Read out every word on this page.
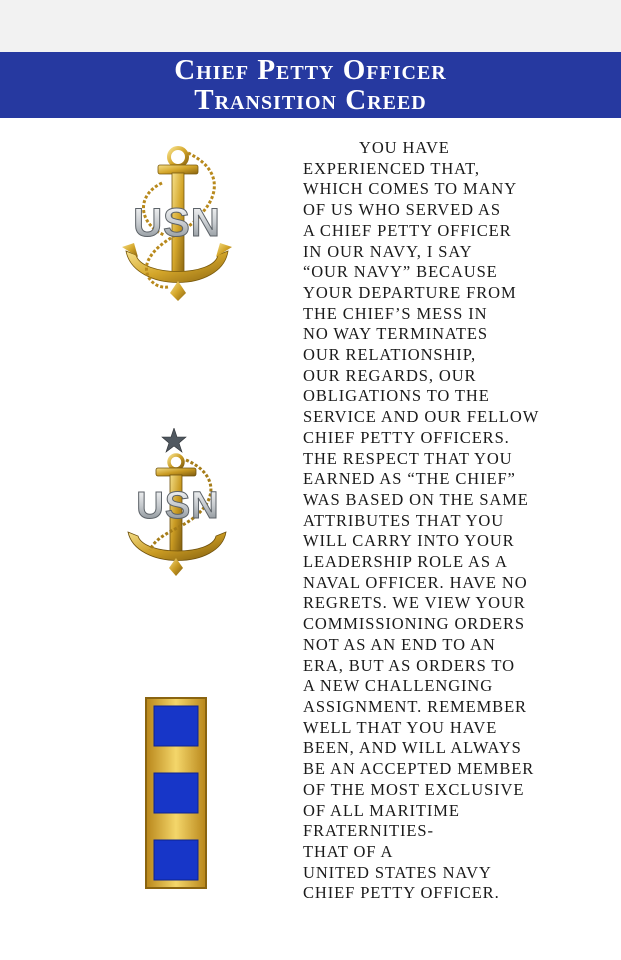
Chief Petty Officer
Transition Creed
USN
USN
YOU HAVE
EXPERIENCED THAT,
WHICH COMES TO MANY
OF US WHO SERVED AS
A CHIEF PETTY OFFICER
IN OUR NAVY, I SAY
“OUR NAVY” BECAUSE
YOUR DEPARTURE FROM
THE CHIEF’S MESS IN
NO WAY TERMINATES
OUR RELATIONSHIP,
OUR REGARDS, OUR
OBLIGATIONS TO THE
SERVICE AND OUR FELLOW
CHIEF PETTY OFFICERS.
THE RESPECT THAT YOU
EARNED AS “THE CHIEF”
WAS BASED ON THE SAME
ATTRIBUTES THAT YOU
WILL CARRY INTO YOUR
LEADERSHIP ROLE AS A
NAVAL OFFICER. HAVE NO
REGRETS. WE VIEW YOUR
COMMISSIONING ORDERS
NOT AS AN END TO AN
ERA, BUT AS ORDERS TO
A NEW CHALLENGING
ASSIGNMENT. REMEMBER
WELL THAT YOU HAVE
BEEN, AND WILL ALWAYS
BE AN ACCEPTED MEMBER
OF THE MOST EXCLUSIVE
OF ALL MARITIME
FRATERNITIES-
THAT OF A
UNITED STATES NAVY
CHIEF PETTY OFFICER.
